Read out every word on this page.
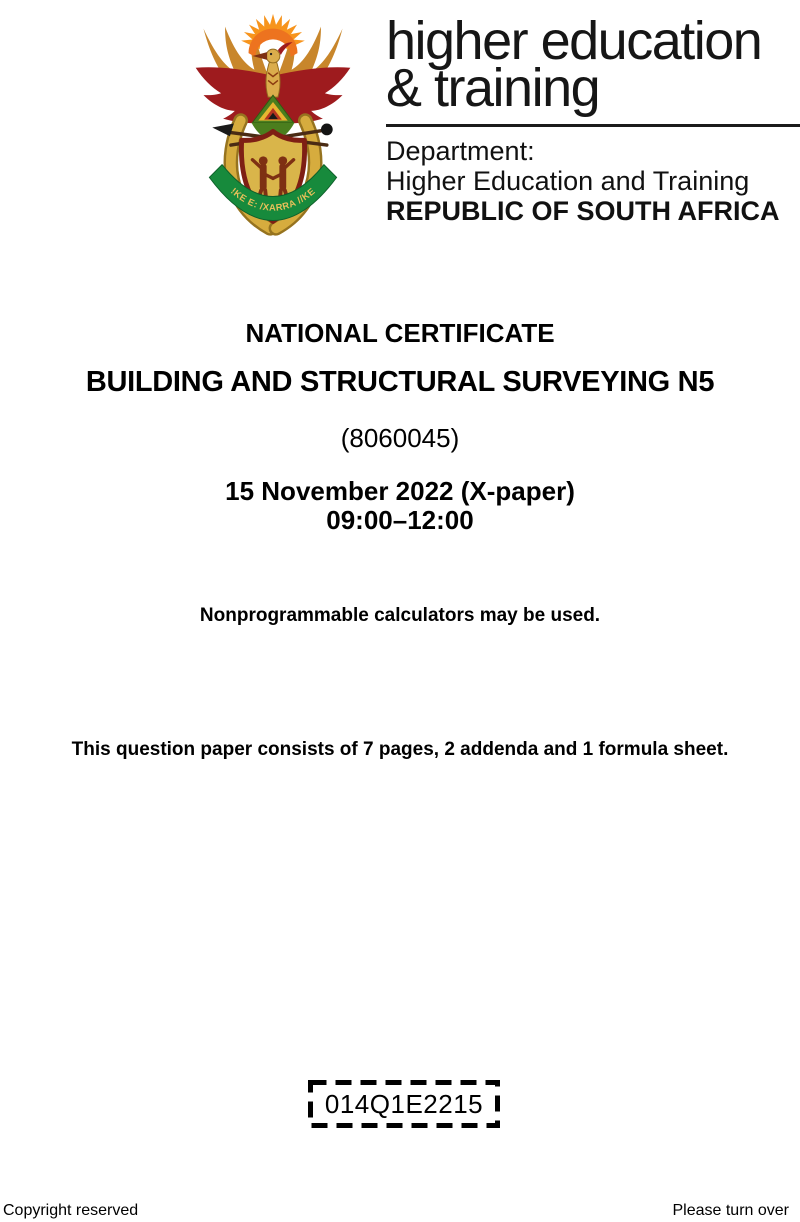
!KE E: /XARRA //KE
higher education
& training
Department:
Higher Education and Training
REPUBLIC OF SOUTH AFRICA
NATIONAL CERTIFICATE
BUILDING AND STRUCTURAL SURVEYING N5
(8060045)
15 November 2022 (X-paper)
09:00–12:00
Nonprogrammable calculators may be used.
This question paper consists of 7 pages, 2 addenda and 1 formula sheet.
014Q1E2215
Copyright reserved	Please turn over
